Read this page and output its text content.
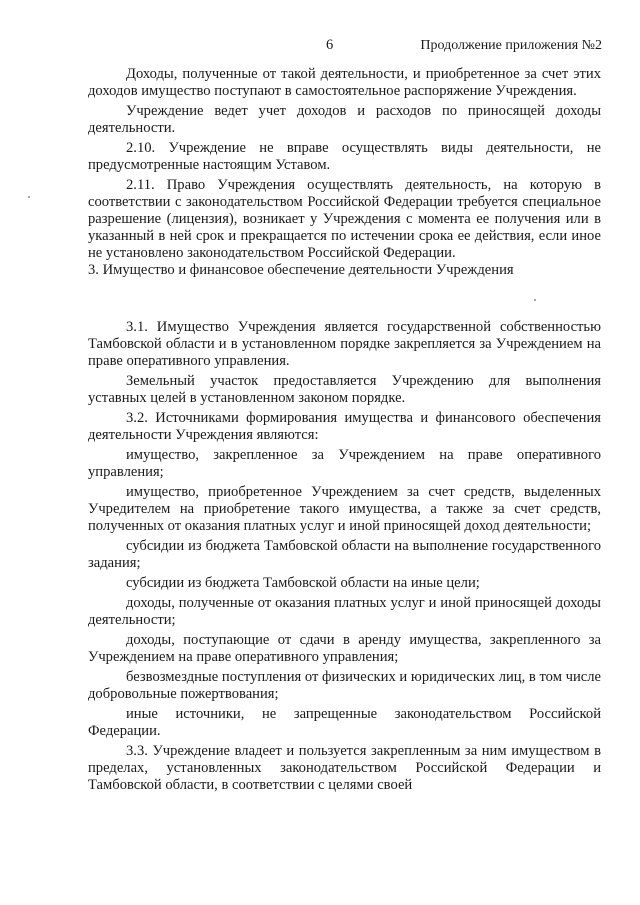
6	Продолжение приложения №2

Доходы, полученные от такой деятельности, и приобретенное за счет этих доходов имущество поступают в самостоятельное распоряжение Учреждения.

Учреждение ведет учет доходов и расходов по приносящей доходы деятельности.

2.10. Учреждение не вправе осуществлять виды деятельности, не предусмотренные настоящим Уставом.

2.11. Право Учреждения осуществлять деятельность, на которую в соответствии с законодательством Российской Федерации требуется специальное разрешение (лицензия), возникает у Учреждения с момента ее получения или в указанный в ней срок и прекращается по истечении срока ее действия, если иное не установлено законодательством Российской Федерации.

3. Имущество и финансовое обеспечение деятельности Учреждения

3.1. Имущество Учреждения является государственной собственностью Тамбовской области и в установленном порядке закрепляется за Учреждением на праве оперативного управления.

Земельный участок предоставляется Учреждению для выполнения уставных целей в установленном законом порядке.

3.2. Источниками формирования имущества и финансового обеспечения деятельности Учреждения являются:

имущество, закрепленное за Учреждением на праве оперативного управления;

имущество, приобретенное Учреждением за счет средств, выделенных Учредителем на приобретение такого имущества, а также за счет средств, полученных от оказания платных услуг и иной приносящей доход деятельности;

субсидии из бюджета Тамбовской области на выполнение государственного задания;

субсидии из бюджета Тамбовской области на иные цели;

доходы, полученные от оказания платных услуг и иной приносящей доходы деятельности;

доходы, поступающие от сдачи в аренду имущества, закрепленного за Учреждением на праве оперативного управления;

безвозмездные поступления от физических и юридических лиц, в том числе добровольные пожертвования;

иные источники, не запрещенные законодательством Российской Федерации.

3.3. Учреждение владеет и пользуется закрепленным за ним имуществом в пределах, установленных законодательством Российской Федерации и Тамбовской области, в соответствии с целями своей
